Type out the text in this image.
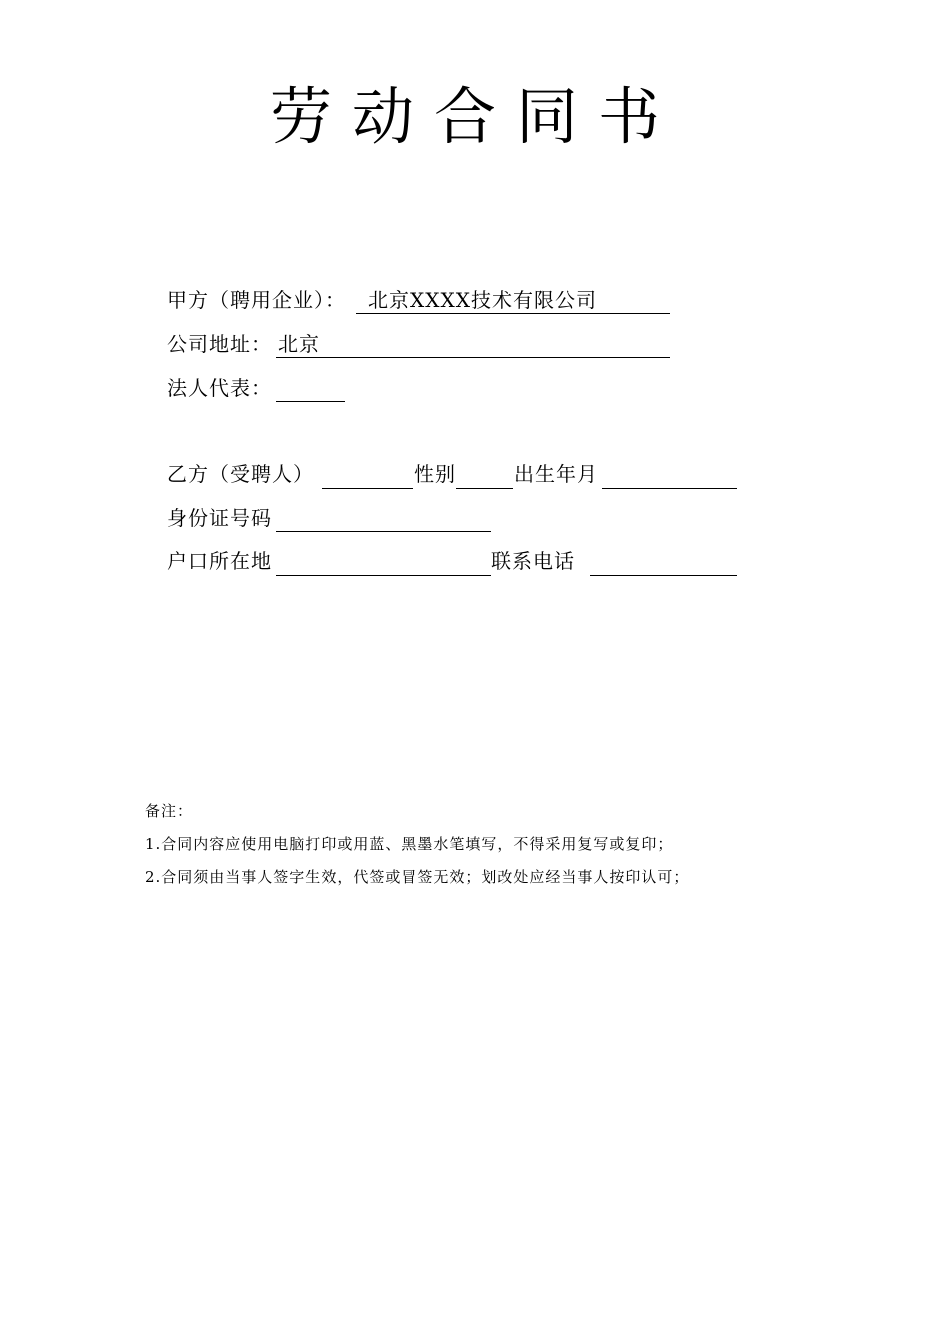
劳动合同书
甲方（聘用企业）： 北京XXXX技术有限公司
公司地址： 北京
法人代表：
乙方（受聘人）	性别	出生年月
身份证号码
户口所在地	联系电话
备注：
1.合同内容应使用电脑打印或用蓝、黑墨水笔填写，不得采用复写或复印；
2.合同须由当事人签字生效，代签或冒签无效；划改处应经当事人按印认可；
